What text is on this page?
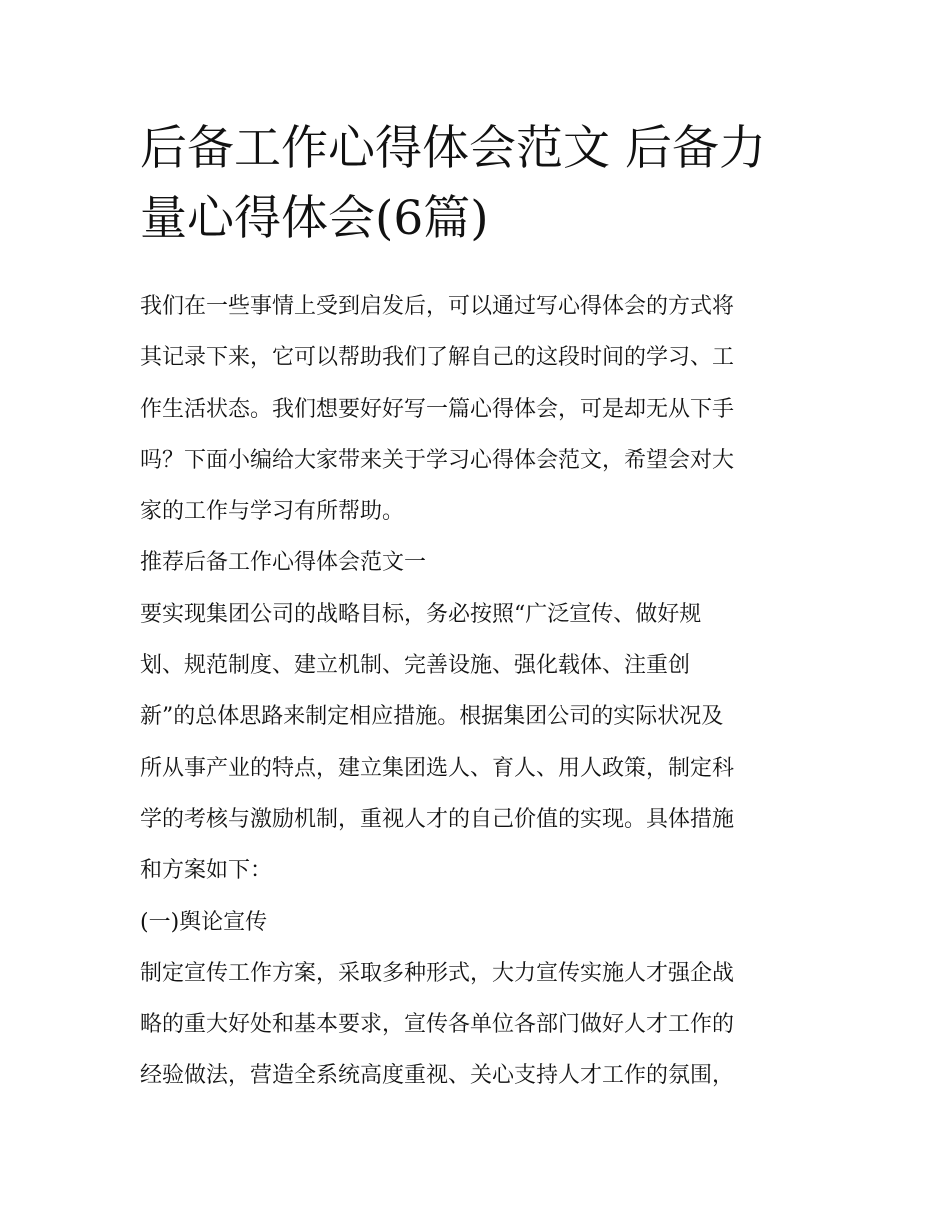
后备工作心得体会范文 后备力
量心得体会(6篇)

我们在一些事情上受到启发后，可以通过写心得体会的方式将
其记录下来，它可以帮助我们了解自己的这段时间的学习、工
作生活状态。我们想要好好写一篇心得体会，可是却无从下手
吗？下面小编给大家带来关于学习心得体会范文，希望会对大
家的工作与学习有所帮助。

推荐后备工作心得体会范文一

要实现集团公司的战略目标，务必按照“广泛宣传、做好规
划、规范制度、建立机制、完善设施、强化载体、注重创
新”的总体思路来制定相应措施。根据集团公司的实际状况及
所从事产业的特点，建立集团选人、育人、用人政策，制定科
学的考核与激励机制，重视人才的自己价值的实现。具体措施
和方案如下：

(一)舆论宣传

制定宣传工作方案，采取多种形式，大力宣传实施人才强企战
略的重大好处和基本要求，宣传各单位各部门做好人才工作的
经验做法，营造全系统高度重视、关心支持人才工作的氛围，
